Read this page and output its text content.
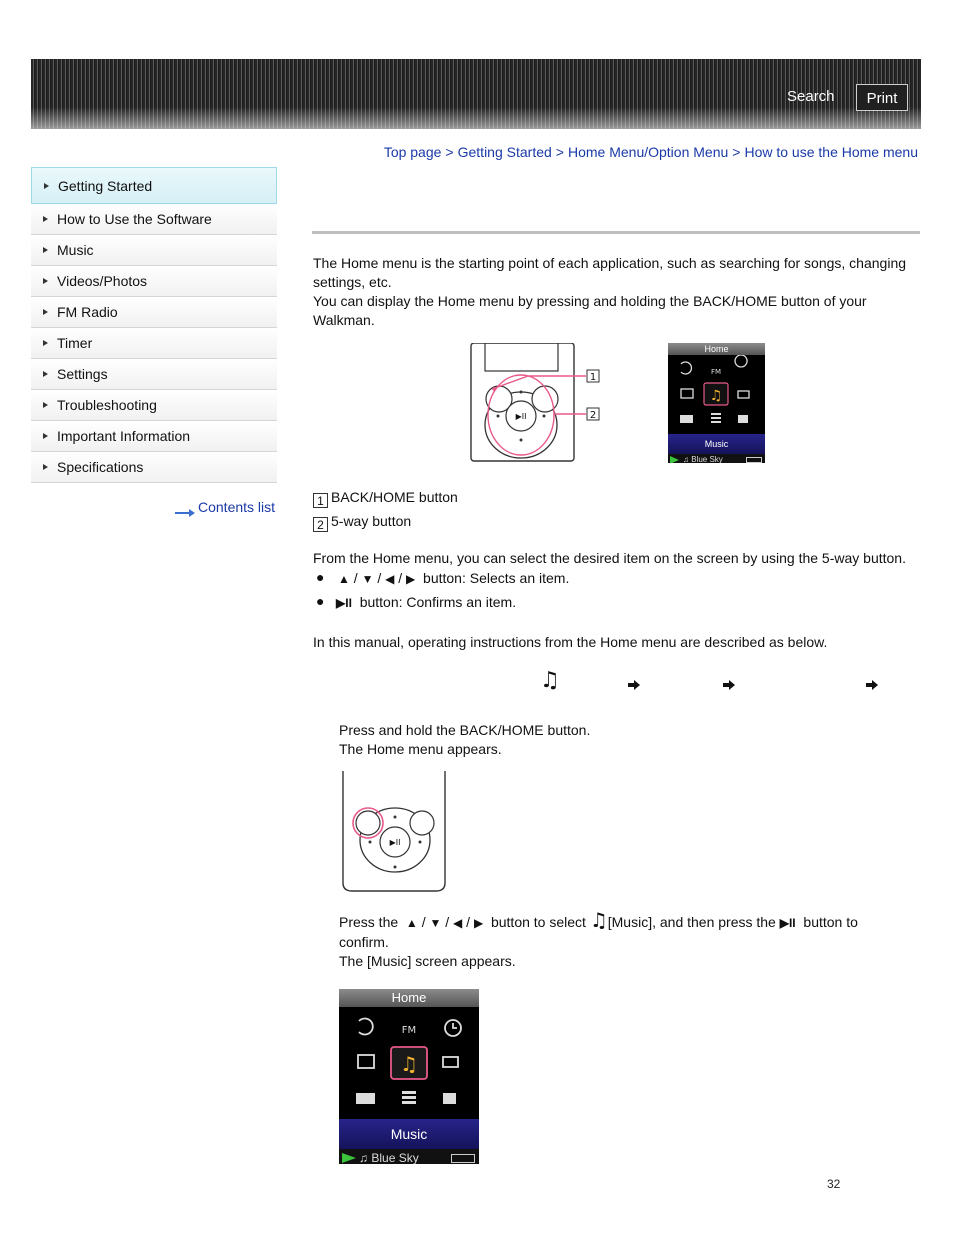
Search	Print
Top page > Getting Started > Home Menu/Option Menu > How to use the Home menu
Getting Started
How to Use the Software
Music
Videos/Photos
FM Radio
Timer
Settings
Troubleshooting
Important Information
Specifications
Contents list
The Home menu is the starting point of each application, such as searching for songs, changing settings, etc.
You can display the Home menu by pressing and holding the BACK/HOME button of your Walkman.
▶II
1
2
Home
FM
♫
Music
♫ Blue Sky
1 BACK/HOME button
2 5-way button
From the Home menu, you can select the desired item on the screen by using the 5-way button.
● ▲ / ▼ / ◀ / ▶ button: Selects an item.
● ▶II button: Confirms an item.
In this manual, operating instructions from the Home menu are described as below.
♫
Press and hold the BACK/HOME button.
The Home menu appears.
▶II
Press the ▲ / ▼ / ◀ / ▶ button to select ♫[Music], and then press the ▶II button to
confirm.
The [Music] screen appears.
Home
FM
♫
Music
♫ Blue Sky
32
